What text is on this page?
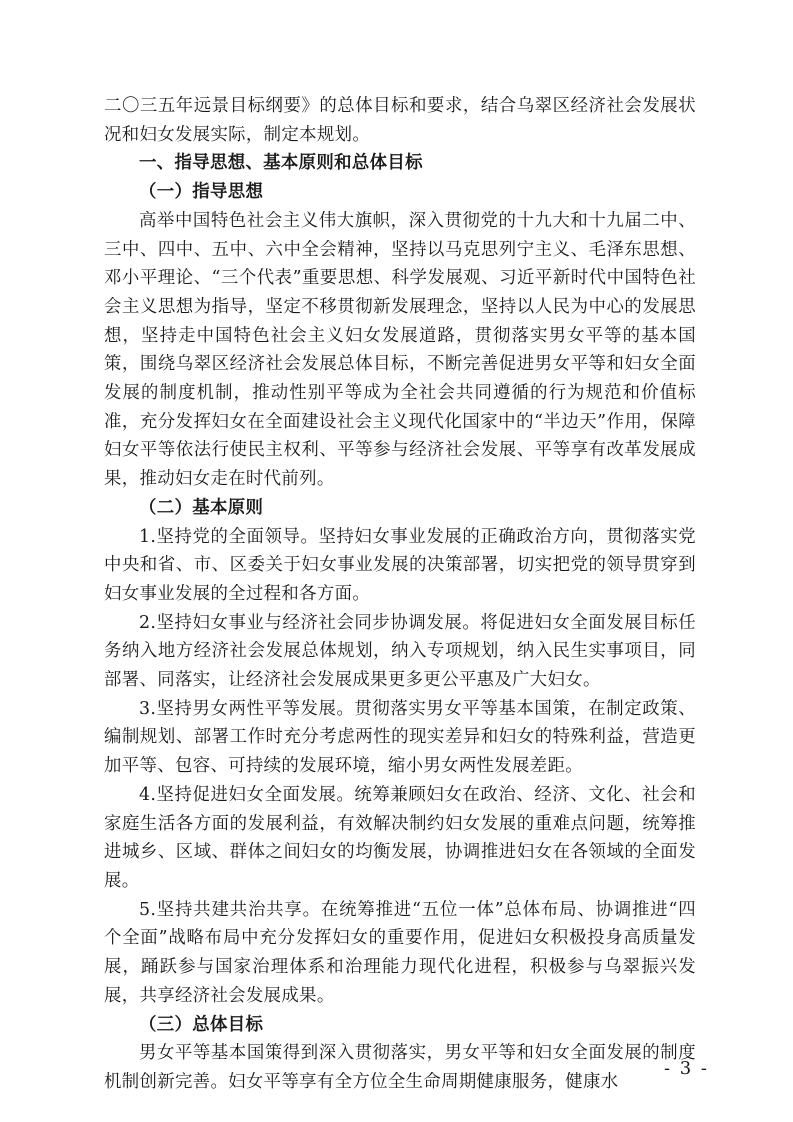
二〇三五年远景目标纲要》的总体目标和要求，结合乌翠区经济社会发展状况和妇女发展实际，制定本规划。

一、指导思想、基本原则和总体目标

（一）指导思想

高举中国特色社会主义伟大旗帜，深入贯彻党的十九大和十九届二中、三中、四中、五中、六中全会精神，坚持以马克思列宁主义、毛泽东思想、邓小平理论、“三个代表”重要思想、科学发展观、习近平新时代中国特色社会主义思想为指导，坚定不移贯彻新发展理念，坚持以人民为中心的发展思想，坚持走中国特色社会主义妇女发展道路，贯彻落实男女平等的基本国策，围绕乌翠区经济社会发展总体目标，不断完善促进男女平等和妇女全面发展的制度机制，推动性别平等成为全社会共同遵循的行为规范和价值标准，充分发挥妇女在全面建设社会主义现代化国家中的“半边天”作用，保障妇女平等依法行使民主权利、平等参与经济社会发展、平等享有改革发展成果，推动妇女走在时代前列。

（二）基本原则

1.坚持党的全面领导。坚持妇女事业发展的正确政治方向，贯彻落实党中央和省、市、区委关于妇女事业发展的决策部署，切实把党的领导贯穿到妇女事业发展的全过程和各方面。

2.坚持妇女事业与经济社会同步协调发展。将促进妇女全面发展目标任务纳入地方经济社会发展总体规划，纳入专项规划，纳入民生实事项目，同部署、同落实，让经济社会发展成果更多更公平惠及广大妇女。

3.坚持男女两性平等发展。贯彻落实男女平等基本国策，在制定政策、编制规划、部署工作时充分考虑两性的现实差异和妇女的特殊利益，营造更加平等、包容、可持续的发展环境，缩小男女两性发展差距。

4.坚持促进妇女全面发展。统筹兼顾妇女在政治、经济、文化、社会和家庭生活各方面的发展利益，有效解决制约妇女发展的重难点问题，统筹推进城乡、区域、群体之间妇女的均衡发展，协调推进妇女在各领域的全面发展。

5.坚持共建共治共享。在统筹推进“五位一体”总体布局、协调推进“四个全面”战略布局中充分发挥妇女的重要作用，促进妇女积极投身高质量发展，踊跃参与国家治理体系和治理能力现代化进程，积极参与乌翠振兴发展，共享经济社会发展成果。

（三）总体目标

男女平等基本国策得到深入贯彻落实，男女平等和妇女全面发展的制度机制创新完善。妇女平等享有全方位全生命周期健康服务，健康水

- 3 -
